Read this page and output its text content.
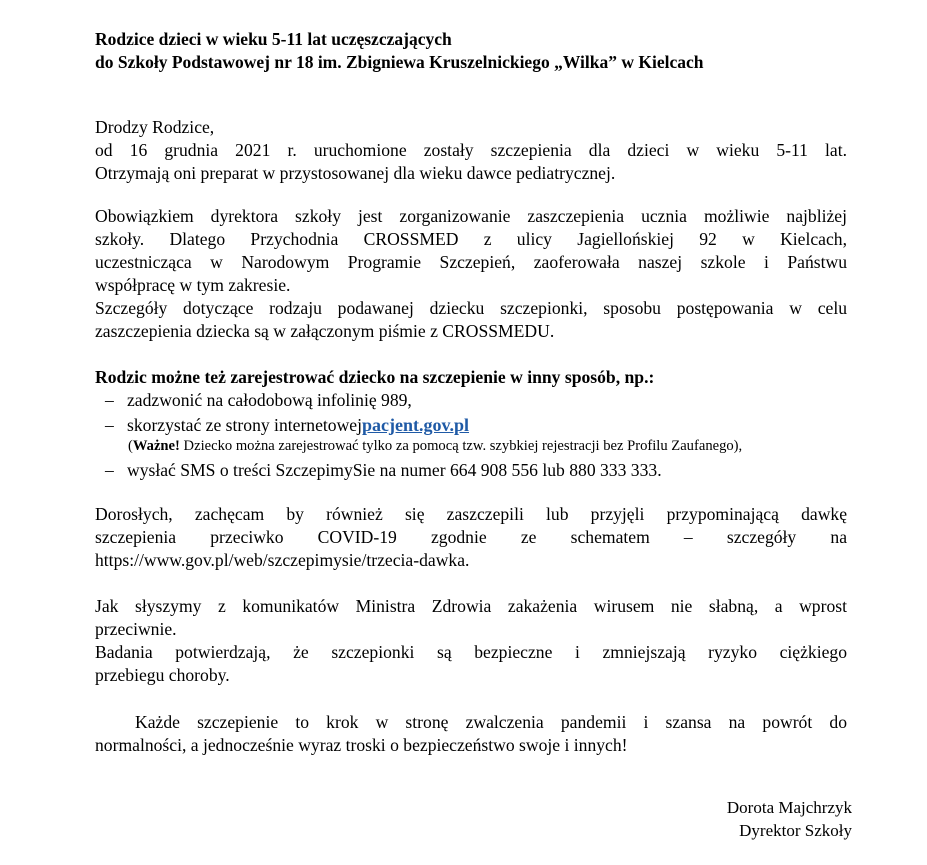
Rodzice dzieci w wieku 5-11 lat uczęszczających
do Szkoły Podstawowej nr 18 im. Zbigniewa Kruszelnickiego „Wilka” w Kielcach
Drodzy Rodzice,
od 16 grudnia 2021 r. uruchomione zostały szczepienia dla dzieci w wieku 5-11 lat.
Otrzymają oni preparat w przystosowanej dla wieku dawce pediatrycznej.
Obowiązkiem dyrektora szkoły jest zorganizowanie zaszczepienia ucznia możliwie najbliżej
szkoły. Dlatego Przychodnia CROSSMED z ulicy Jagiellońskiej 92 w Kielcach,
uczestnicząca w Narodowym Programie Szczepień, zaoferowała naszej szkole i Państwu
współpracę w tym zakresie.
Szczegóły dotyczące rodzaju podawanej dziecku szczepionki, sposobu postępowania w celu
zaszczepienia dziecka są w załączonym piśmie z CROSSMEDU.
Rodzic możne też zarejestrować dziecko na szczepienie w inny sposób, np.:
– zadzwonić na całodobową infolinię 989,
– skorzystać ze strony internetowej pacjent.gov.pl
(Ważne! Dziecko można zarejestrować tylko za pomocą tzw. szybkiej rejestracji bez Profilu Zaufanego),
– wysłać SMS o treści SzczepimySie na numer 664 908 556 lub 880 333 333.
Dorosłych, zachęcam by również się zaszczepili lub przyjęli przypominającą dawkę
szczepienia przeciwko COVID-19 zgodnie ze schematem – szczegóły na
https://www.gov.pl/web/szczepimysie/trzecia-dawka.
Jak słyszymy z komunikatów Ministra Zdrowia zakażenia wirusem nie słabną, a wprost
przeciwnie.
Badania potwierdzają, że szczepionki są bezpieczne i zmniejszają ryzyko ciężkiego
przebiegu choroby.
Każde szczepienie to krok w stronę zwalczenia pandemii i szansa na powrót do
normalności, a jednocześnie wyraz troski o bezpieczeństwo swoje i innych!
Dorota Majchrzyk
Dyrektor Szkoły
